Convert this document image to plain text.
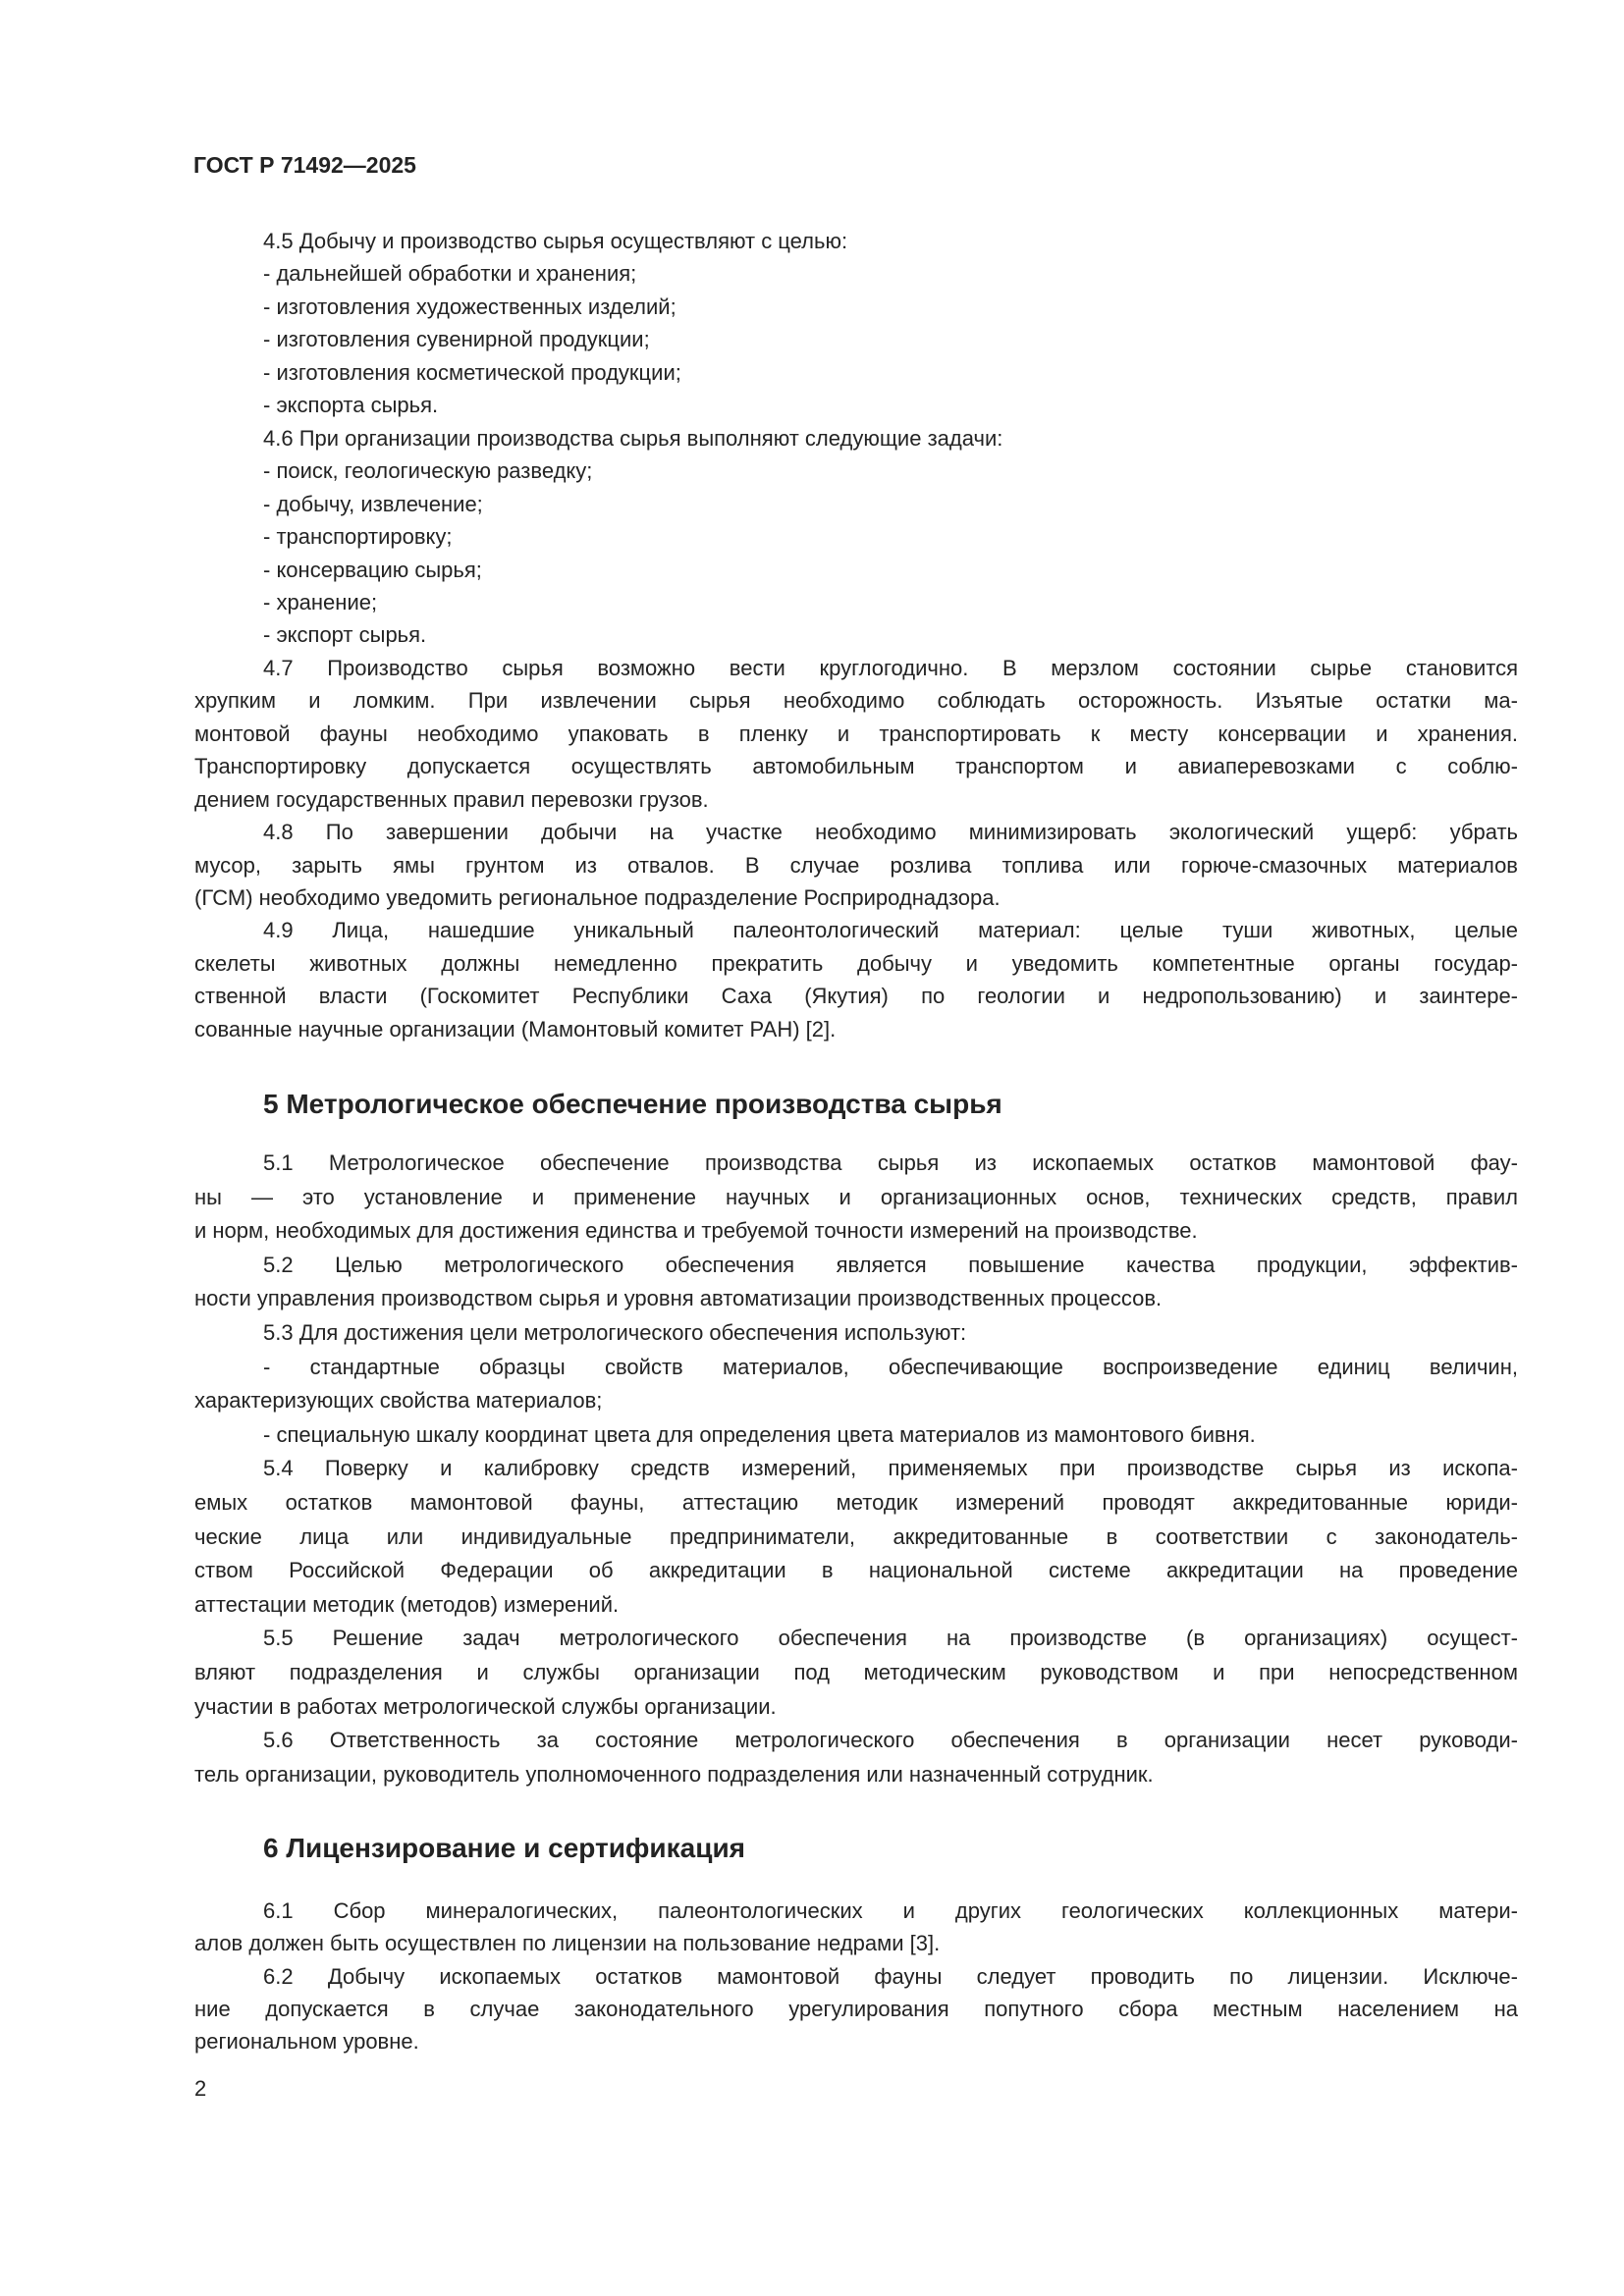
ГОСТ Р 71492—2025
4.5 Добычу и производство сырья осуществляют с целью:
- дальнейшей обработки и хранения;
- изготовления художественных изделий;
- изготовления сувенирной продукции;
- изготовления косметической продукции;
- экспорта сырья.
4.6 При организации производства сырья выполняют следующие задачи:
- поиск, геологическую разведку;
- добычу, извлечение;
- транспортировку;
- консервацию сырья;
- хранение;
- экспорт сырья.
4.7 Производство сырья возможно вести круглогодично. В мерзлом состоянии сырье становится
хрупким и ломким. При извлечении сырья необходимо соблюдать осторожность. Изъятые остатки ма-
монтовой фауны необходимо упаковать в пленку и транспортировать к месту консервации и хранения.
Транспортировку допускается осуществлять автомобильным транспортом и авиаперевозками с соблю-
дением государственных правил перевозки грузов.
4.8 По завершении добычи на участке необходимо минимизировать экологический ущерб: убрать
мусор, зарыть ямы грунтом из отвалов. В случае розлива топлива или горюче-смазочных материалов
(ГСМ) необходимо уведомить региональное подразделение Росприроднадзора.
4.9 Лица, нашедшие уникальный палеонтологический материал: целые туши животных, целые
скелеты животных должны немедленно прекратить добычу и уведомить компетентные органы государ-
ственной власти (Госкомитет Республики Саха (Якутия) по геологии и недропользованию) и заинтере-
сованные научные организации (Мамонтовый комитет РАН) [2].
5 Метрологическое обеспечение производства сырья
5.1 Метрологическое обеспечение производства сырья из ископаемых остатков мамонтовой фау-
ны — это установление и применение научных и организационных основ, технических средств, правил
и норм, необходимых для достижения единства и требуемой точности измерений на производстве.
5.2 Целью метрологического обеспечения является повышение качества продукции, эффектив-
ности управления производством сырья и уровня автоматизации производственных процессов.
5.3 Для достижения цели метрологического обеспечения используют:
- стандартные образцы свойств материалов, обеспечивающие воспроизведение единиц величин,
характеризующих свойства материалов;
- специальную шкалу координат цвета для определения цвета материалов из мамонтового бивня.
5.4 Поверку и калибровку средств измерений, применяемых при производстве сырья из ископа-
емых остатков мамонтовой фауны, аттестацию методик измерений проводят аккредитованные юриди-
ческие лица или индивидуальные предприниматели, аккредитованные в соответствии с законодатель-
ством Российской Федерации об аккредитации в национальной системе аккредитации на проведение
аттестации методик (методов) измерений.
5.5 Решение задач метрологического обеспечения на производстве (в организациях) осущест-
вляют подразделения и службы организации под методическим руководством и при непосредственном
участии в работах метрологической службы организации.
5.6 Ответственность за состояние метрологического обеспечения в организации несет руководи-
тель организации, руководитель уполномоченного подразделения или назначенный сотрудник.
6 Лицензирование и сертификация
6.1 Сбор минералогических, палеонтологических и других геологических коллекционных матери-
алов должен быть осуществлен по лицензии на пользование недрами [3].
6.2 Добычу ископаемых остатков мамонтовой фауны следует проводить по лицензии. Исключе-
ние допускается в случае законодательного урегулирования попутного сбора местным населением на
региональном уровне.
2
